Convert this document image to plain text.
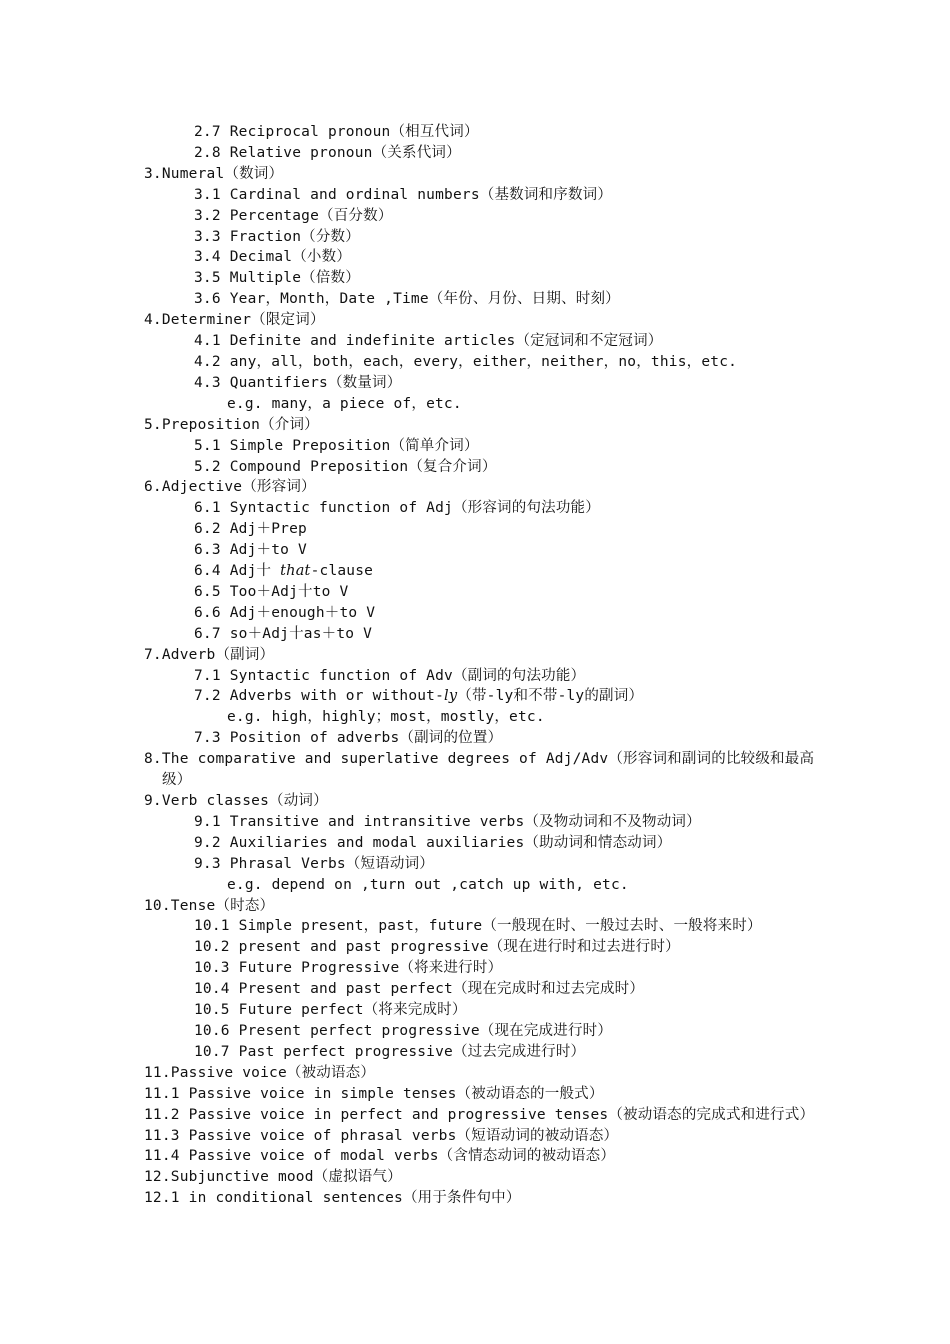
2.7 Reciprocal pronoun（相互代词）
2.8 Relative pronoun（关系代词）
3.Numeral（数词）
3.1 Cardinal and ordinal numbers（基数词和序数词）
3.2 Percentage（百分数）
3.3 Fraction（分数）
3.4 Decimal（小数）
3.5 Multiple（倍数）
3.6 Year，Month，Date ,Time（年份、月份、日期、时刻）
4.Determiner（限定词）
4.1 Definite and indefinite articles（定冠词和不定冠词）
4.2 any，all，both，each，every，either，neither，no，this，etc.
4.3 Quantifiers（数量词）
e.g. many，a piece of，etc.
5.Preposition（介词）
5.1 Simple Preposition（简单介词）
5.2 Compound Preposition（复合介词）
6.Adjective（形容词）
6.1 Syntactic function of Adj（形容词的句法功能）
6.2 Adj＋Prep
6.3 Adj＋to V
6.4 Adj十 that-clause
6.5 Too＋Adj十to V
6.6 Adj＋enough＋to V
6.7 so＋Adj十as＋to V
7.Adverb（副词）
7.1 Syntactic function of Adv（副词的句法功能）
7.2 Adverbs with or without-ly（带-ly和不带-ly的副词）
e.g. high，highly；most，mostly，etc.
7.3 Position of adverbs（副词的位置）
8.The comparative and superlative degrees of Adj/Adv（形容词和副词的比较级和最高级）
9.Verb classes（动词）
9.1 Transitive and intransitive verbs（及物动词和不及物动词）
9.2 Auxiliaries and modal auxiliaries（助动词和情态动词）
9.3 Phrasal Verbs（短语动词）
e.g. depend on ,turn out ,catch up with, etc.
10.Tense（时态）
10.1 Simple present，past，future（一般现在时、一般过去时、一般将来时）
10.2 present and past progressive（现在进行时和过去进行时）
10.3 Future Progressive（将来进行时）
10.4 Present and past perfect（现在完成时和过去完成时）
10.5 Future perfect（将来完成时）
10.6 Present perfect progressive（现在完成进行时）
10.7 Past perfect progressive（过去完成进行时）
11.Passive voice（被动语态）
11.1 Passive voice in simple tenses（被动语态的一般式）
11.2 Passive voice in perfect and progressive tenses（被动语态的完成式和进行式）
11.3 Passive voice of phrasal verbs（短语动词的被动语态）
11.4 Passive voice of modal verbs（含情态动词的被动语态）
12.Subjunctive mood（虚拟语气）
12.1 in conditional sentences（用于条件句中）
